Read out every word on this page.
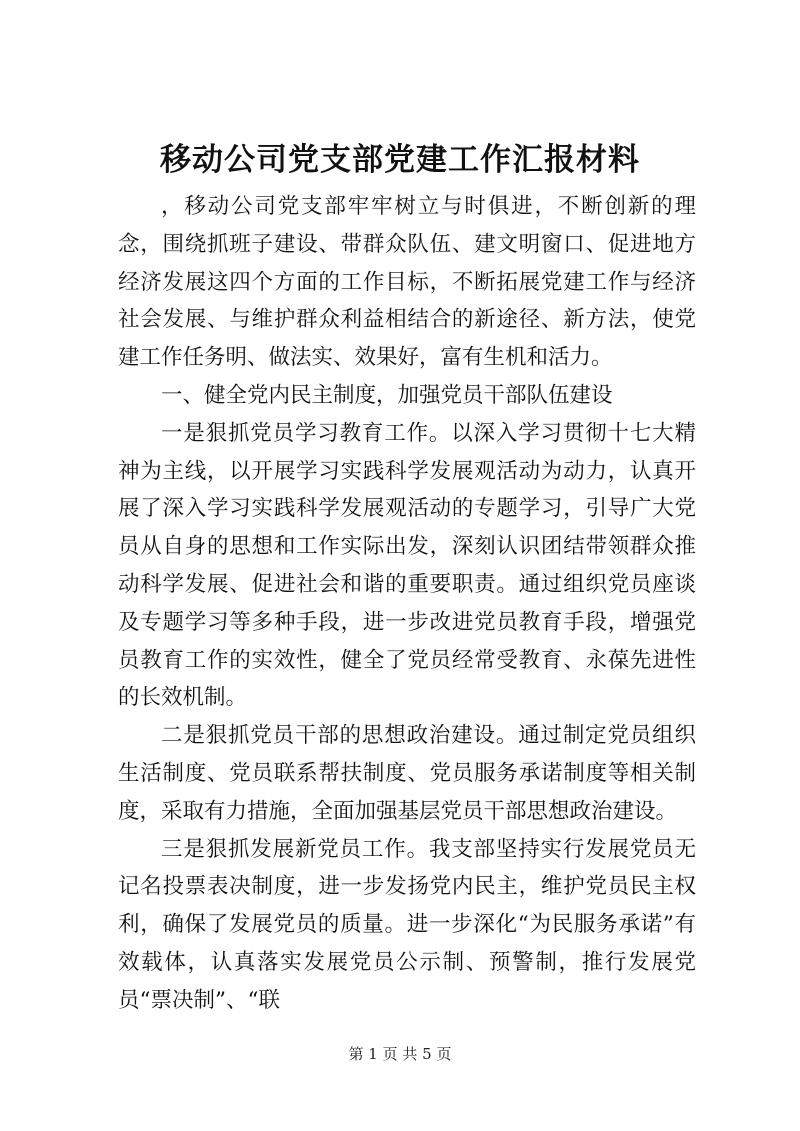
移动公司党支部党建工作汇报材料

，移动公司党支部牢牢树立与时俱进，不断创新的理念，围绕抓班子建设、带群众队伍、建文明窗口、促进地方经济发展这四个方面的工作目标，不断拓展党建工作与经济社会发展、与维护群众利益相结合的新途径、新方法，使党建工作任务明、做法实、效果好，富有生机和活力。

一、健全党内民主制度，加强党员干部队伍建设

一是狠抓党员学习教育工作。以深入学习贯彻十七大精神为主线，以开展学习实践科学发展观活动为动力，认真开展了深入学习实践科学发展观活动的专题学习，引导广大党员从自身的思想和工作实际出发，深刻认识团结带领群众推动科学发展、促进社会和谐的重要职责。通过组织党员座谈及专题学习等多种手段，进一步改进党员教育手段，增强党员教育工作的实效性，健全了党员经常受教育、永葆先进性的长效机制。

二是狠抓党员干部的思想政治建设。通过制定党员组织生活制度、党员联系帮扶制度、党员服务承诺制度等相关制度，采取有力措施，全面加强基层党员干部思想政治建设。

三是狠抓发展新党员工作。我支部坚持实行发展党员无记名投票表决制度，进一步发扬党内民主，维护党员民主权利，确保了发展党员的质量。进一步深化“为民服务承诺”有效载体，认真落实发展党员公示制、预警制，推行发展党员“票决制”、“联

第 1 页 共 5 页
